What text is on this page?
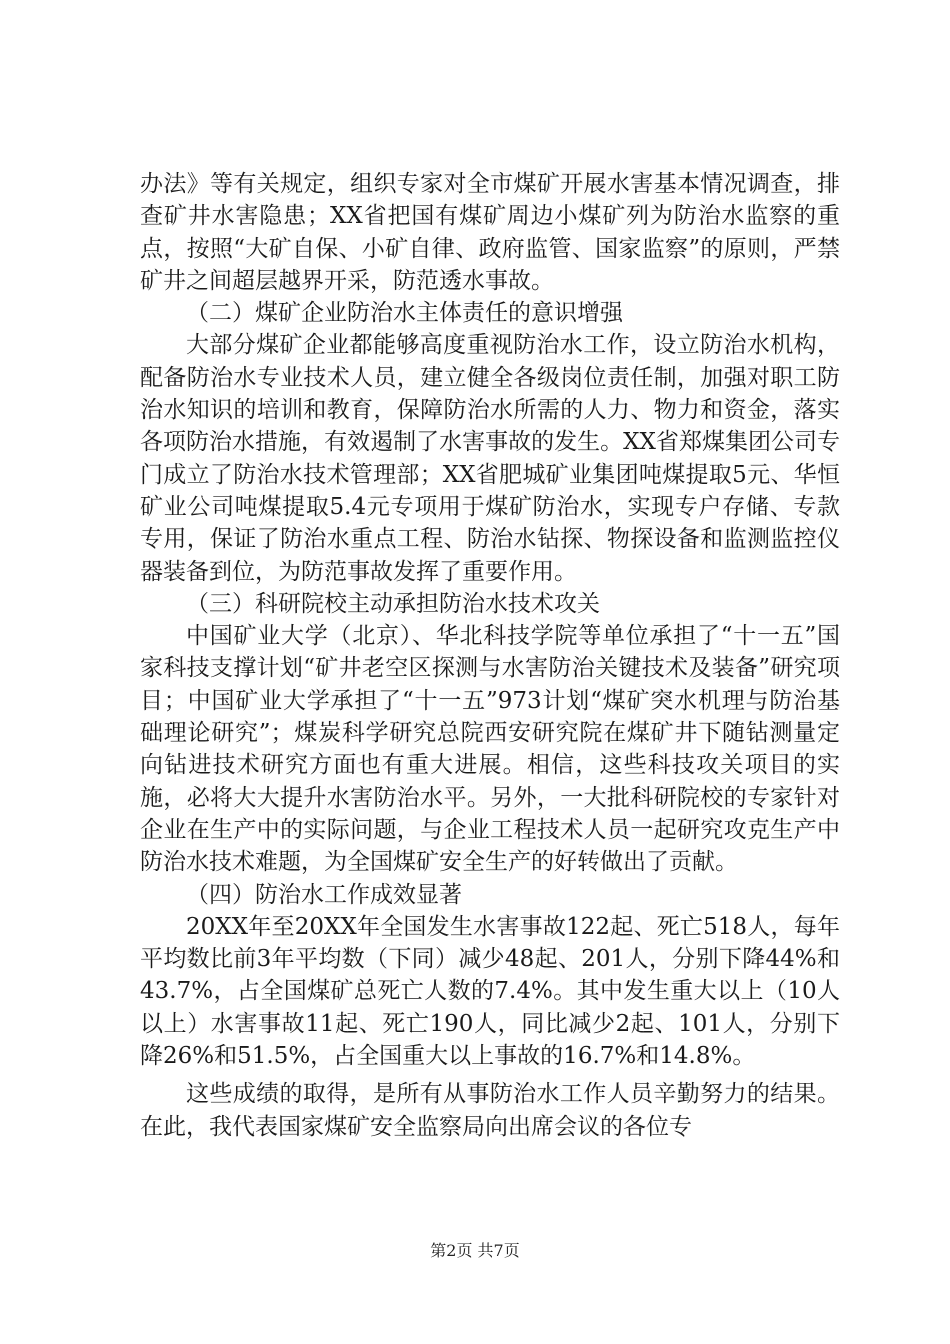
办法》等有关规定，组织专家对全市煤矿开展水害基本情况调查，排查矿井水害隐患；XX省把国有煤矿周边小煤矿列为防治水监察的重点，按照“大矿自保、小矿自律、政府监管、国家监察”的原则，严禁矿井之间超层越界开采，防范透水事故。

（二）煤矿企业防治水主体责任的意识增强

大部分煤矿企业都能够高度重视防治水工作，设立防治水机构，配备防治水专业技术人员，建立健全各级岗位责任制，加强对职工防治水知识的培训和教育，保障防治水所需的人力、物力和资金，落实各项防治水措施，有效遏制了水害事故的发生。XX省郑煤集团公司专门成立了防治水技术管理部；XX省肥城矿业集团吨煤提取5元、华恒矿业公司吨煤提取5.4元专项用于煤矿防治水，实现专户存储、专款专用，保证了防治水重点工程、防治水钻探、物探设备和监测监控仪器装备到位，为防范事故发挥了重要作用。

（三）科研院校主动承担防治水技术攻关

中国矿业大学（北京）、华北科技学院等单位承担了“十一五”国家科技支撑计划“矿井老空区探测与水害防治关键技术及装备”研究项目；中国矿业大学承担了“十一五”973计划“煤矿突水机理与防治基础理论研究”；煤炭科学研究总院西安研究院在煤矿井下随钻测量定向钻进技术研究方面也有重大进展。相信，这些科技攻关项目的实施，必将大大提升水害防治水平。另外，一大批科研院校的专家针对企业在生产中的实际问题，与企业工程技术人员一起研究攻克生产中防治水技术难题，为全国煤矿安全生产的好转做出了贡献。

（四）防治水工作成效显著

20XX年至20XX年全国发生水害事故122起、死亡518人，每年平均数比前3年平均数（下同）减少48起、201人，分别下降44%和43.7%，占全国煤矿总死亡人数的7.4%。其中发生重大以上（10人以上）水害事故11起、死亡190人，同比减少2起、101人，分别下降26%和51.5%，占全国重大以上事故的16.7%和14.8%。

这些成绩的取得，是所有从事防治水工作人员辛勤努力的结果。在此，我代表国家煤矿安全监察局向出席会议的各位专

第2页 共7页
